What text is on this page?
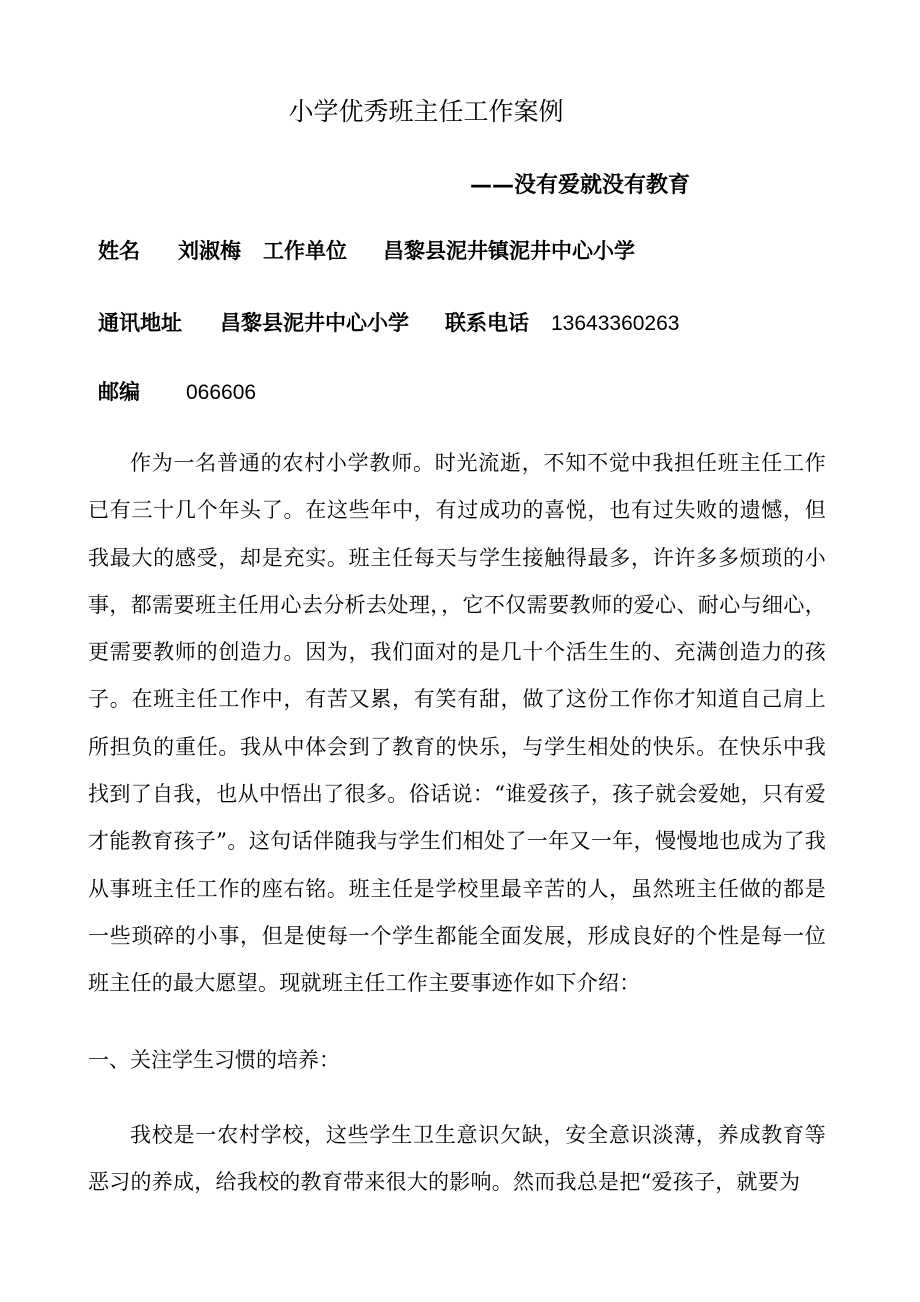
小学优秀班主任工作案例
——没有爱就没有教育
姓名 刘淑梅 工作单位 昌黎县泥井镇泥井中心小学
通讯地址 昌黎县泥井中心小学 联系电话 13643360263
邮编 066606

作为一名普通的农村小学教师。时光流逝，不知不觉中我担任班主任工作已有三十几个年头了。在这些年中，有过成功的喜悦，也有过失败的遗憾，但我最大的感受，却是充实。班主任每天与学生接触得最多，许许多多烦琐的小事，都需要班主任用心去分析去处理，，它不仅需要教师的爱心、耐心与细心，更需要教师的创造力。因为，我们面对的是几十个活生生的、充满创造力的孩子。在班主任工作中，有苦又累，有笑有甜，做了这份工作你才知道自己肩上所担负的重任。我从中体会到了教育的快乐，与学生相处的快乐。在快乐中我找到了自我，也从中悟出了很多。俗话说：“谁爱孩子，孩子就会爱她，只有爱才能教育孩子”。这句话伴随我与学生们相处了一年又一年，慢慢地也成为了我从事班主任工作的座右铭。班主任是学校里最辛苦的人，虽然班主任做的都是一些琐碎的小事，但是使每一个学生都能全面发展，形成良好的个性是每一位班主任的最大愿望。现就班主任工作主要事迹作如下介绍：

一、关注学生习惯的培养：

我校是一农村学校，这些学生卫生意识欠缺，安全意识淡薄，养成教育等恶习的养成，给我校的教育带来很大的影响。然而我总是把“爱孩子，就要为
